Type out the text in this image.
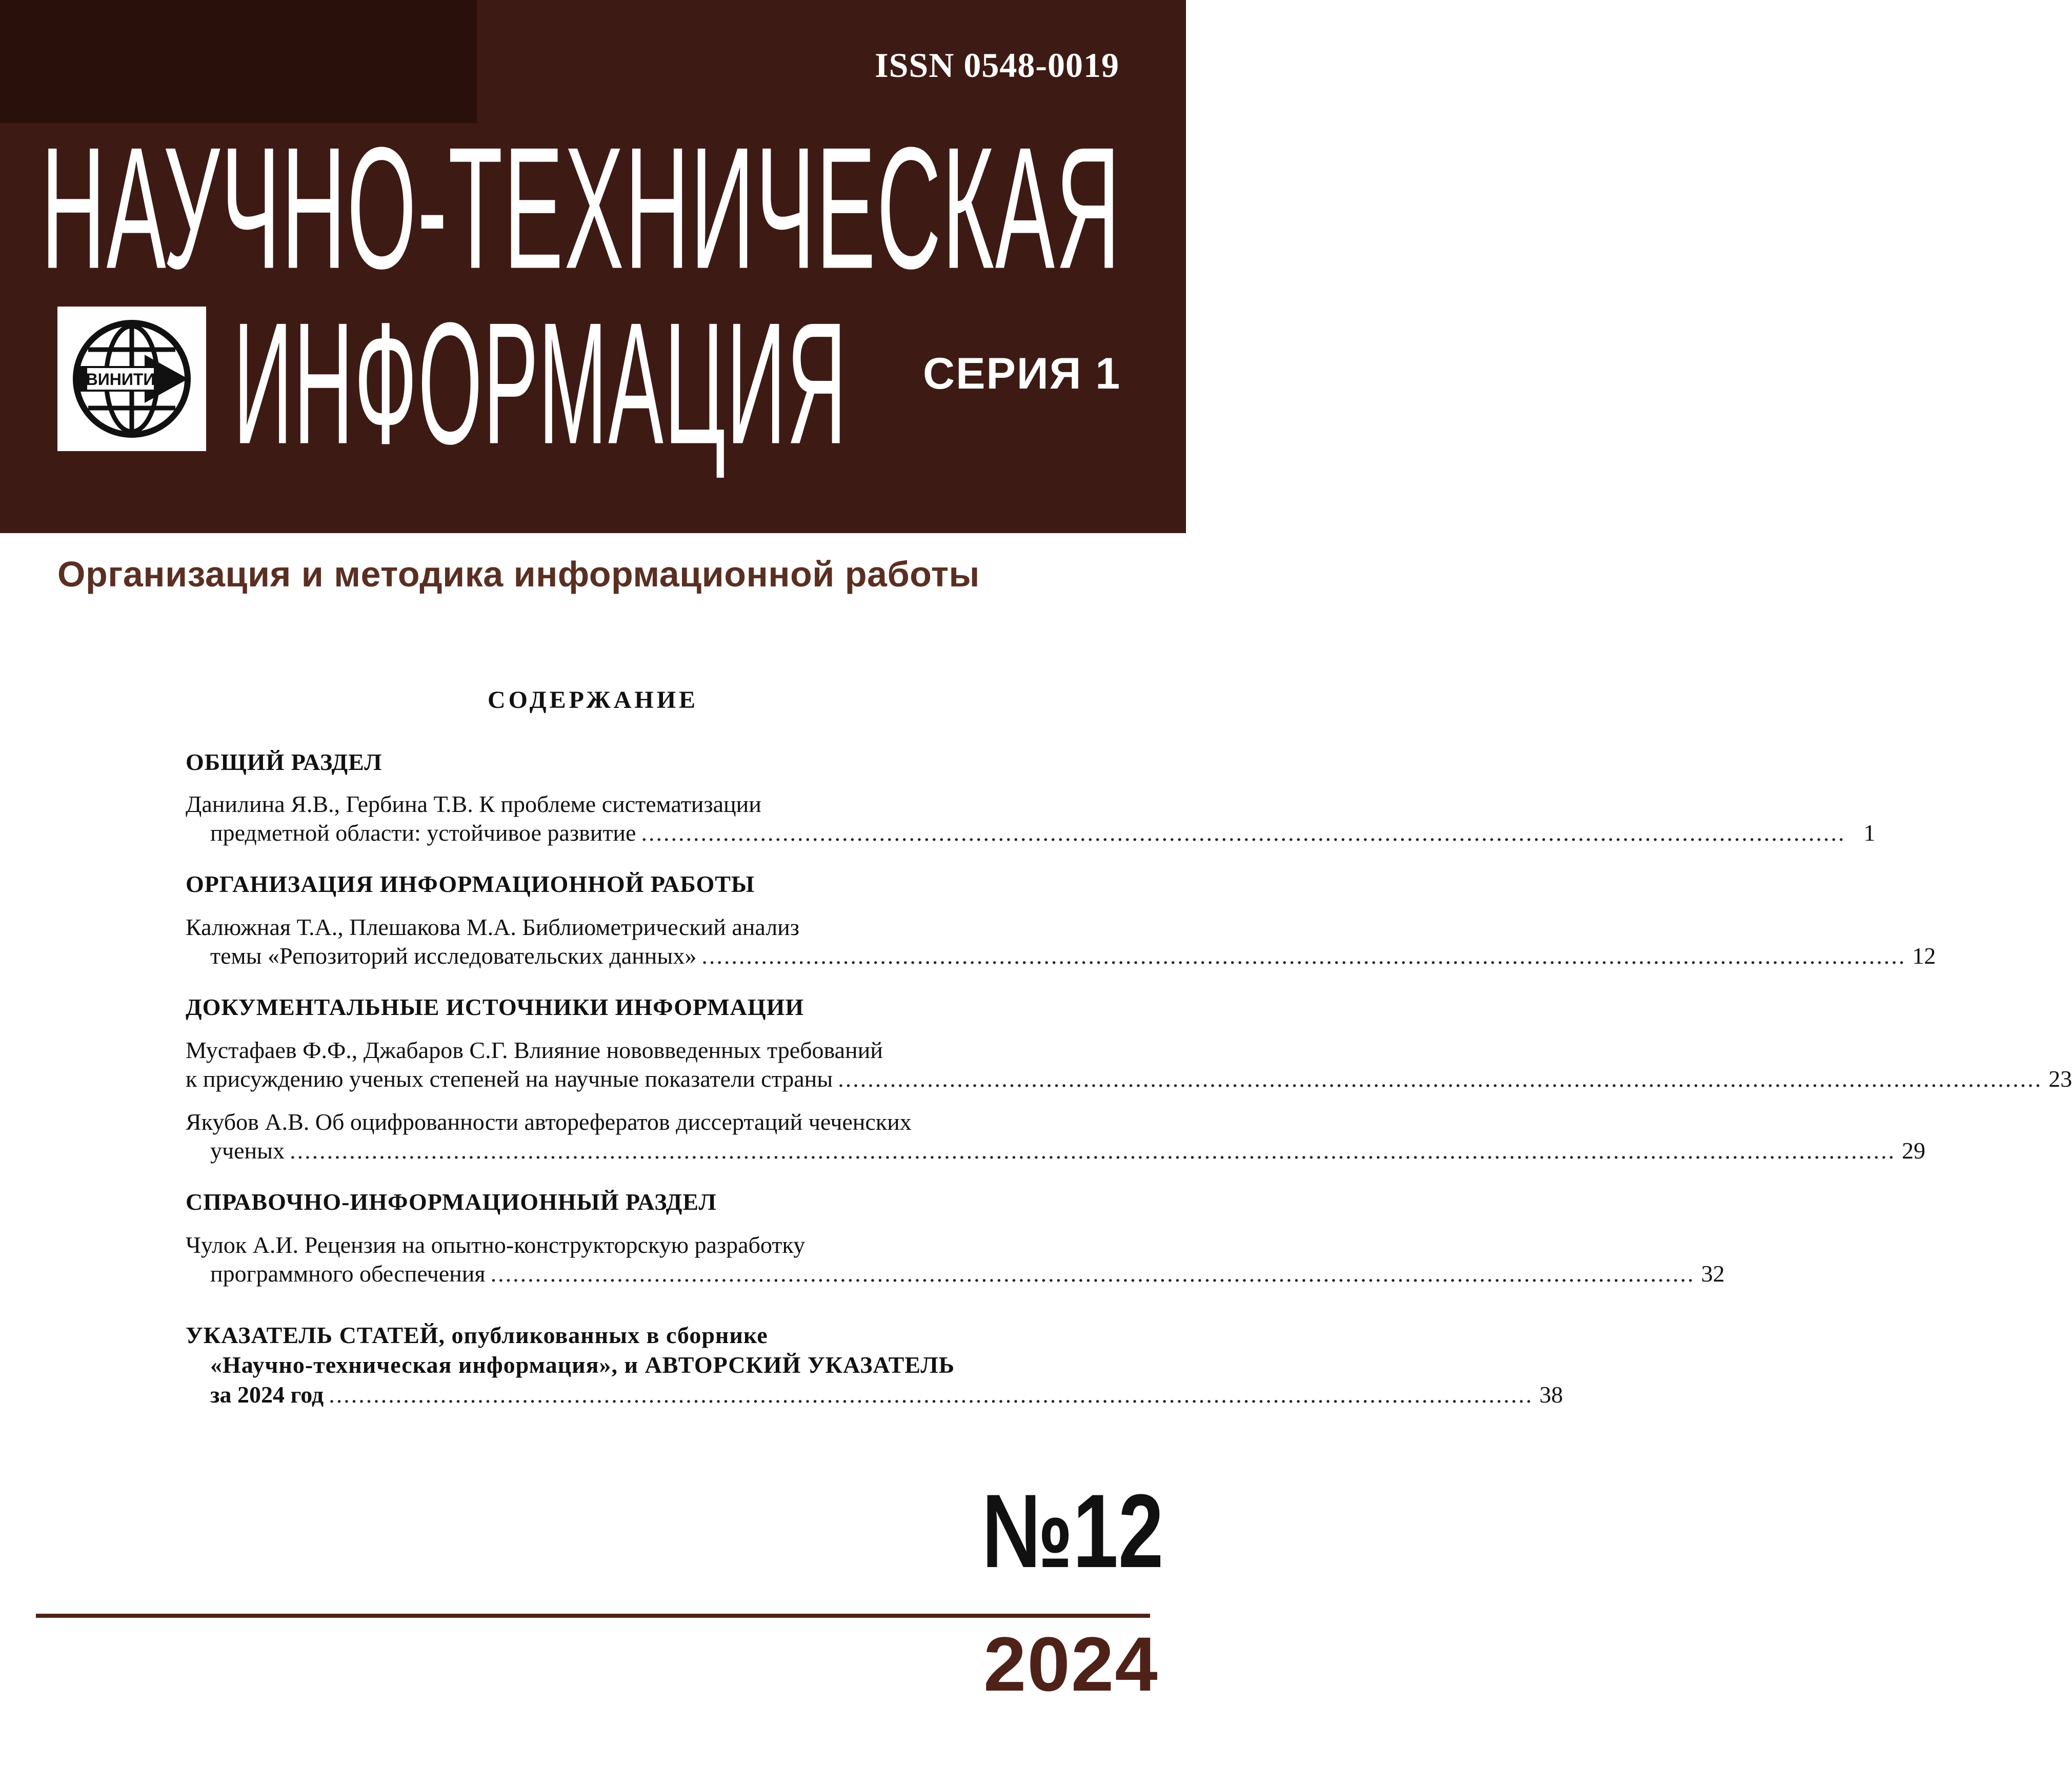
ISSN 0548-0019
НАУЧНО-ТЕХНИЧЕСКАЯ
ВИНИТИ ИНФОРМАЦИЯ СЕРИЯ 1
Организация и методика информационной работы
СОДЕРЖАНИЕ
ОБЩИЙ РАЗДЕЛ
Данилина Я.В., Гербина Т.В. К проблеме систематизации
предметной области: устойчивое развитие .................................................................................................................................................................. 1
ОРГАНИЗАЦИЯ ИНФОРМАЦИОННОЙ РАБОТЫ
Калюжная Т.А., Плешакова М.А. Библиометрический анализ
темы «Репозиторий исследовательских данных» .................................................................................................................................................................. 12
ДОКУМЕНТАЛЬНЫЕ ИСТОЧНИКИ ИНФОРМАЦИИ
Мустафаев Ф.Ф., Джабаров С.Г. Влияние нововведенных требований
к присуждению ученых степеней на научные показатели страны .................................................................................................................................................................. 23
Якубов А.В. Об оцифрованности авторефератов диссертаций чеченских
ученых ........................................................................................................................................................................................................................ 29
СПРАВОЧНО-ИНФОРМАЦИОННЫЙ РАЗДЕЛ
Чулок А.И. Рецензия на опытно-конструкторскую разработку
программного обеспечения .................................................................................................................................................................. 32
УКАЗАТЕЛЬ СТАТЕЙ, опубликованных в сборнике
«Научно-техническая информация», и АВТОРСКИЙ УКАЗАТЕЛЬ
за 2024 год .................................................................................................................................................................. 38
№12
2024
